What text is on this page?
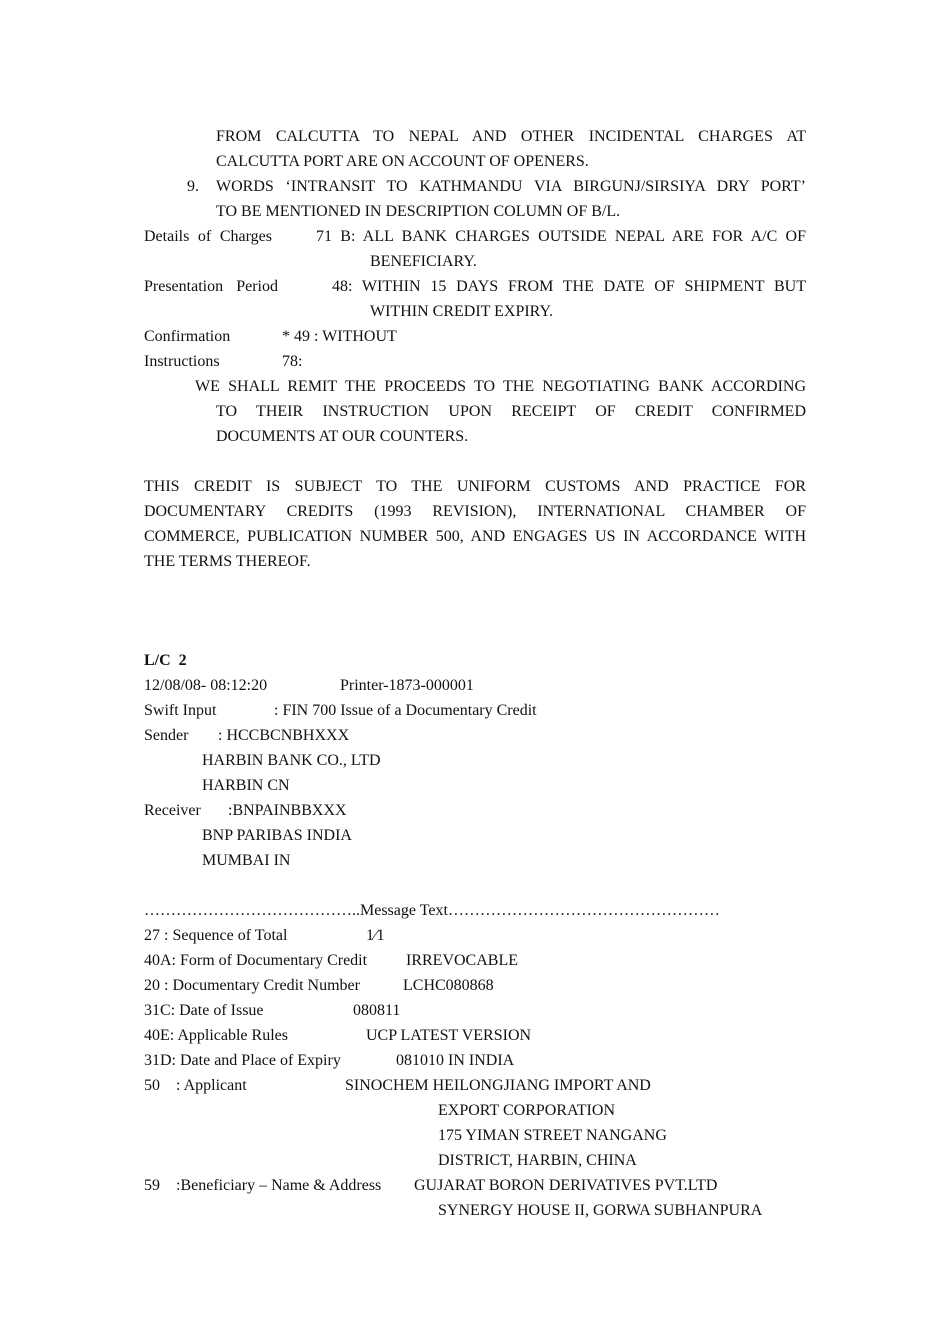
FROM CALCUTTA TO NEPAL AND OTHER INCIDENTAL CHARGES AT
CALCUTTA PORT ARE ON ACCOUNT OF OPENERS.
9. WORDS ‘INTRANSIT TO KATHMANDU VIA BIRGUNJ/SIRSIYA DRY PORT’
TO BE MENTIONED IN DESCRIPTION COLUMN OF B/L.
Details of Charges	71 B: ALL BANK CHARGES OUTSIDE NEPAL ARE FOR A/C OF
BENEFICIARY.
Presentation Period	48: WITHIN 15 DAYS FROM THE DATE OF SHIPMENT BUT
WITHIN CREDIT EXPIRY.
Confirmation	* 49 : WITHOUT
Instructions	78:
WE SHALL REMIT THE PROCEEDS TO THE NEGOTIATING BANK ACCORDING
TO THEIR INSTRUCTION UPON RECEIPT OF CREDIT CONFIRMED
DOCUMENTS AT OUR COUNTERS.
THIS CREDIT IS SUBJECT TO THE UNIFORM CUSTOMS AND PRACTICE FOR
DOCUMENTARY CREDITS (1993 REVISION), INTERNATIONAL CHAMBER OF
COMMERCE, PUBLICATION NUMBER 500, AND ENGAGES US IN ACCORDANCE WITH
THE TERMS THEREOF.
L/C  2
12/08/08- 08:12:20	Printer-1873-000001
Swift Input	: FIN 700 Issue of a Documentary Credit
Sender : HCCBCNBHXXX
HARBIN BANK CO., LTD
HARBIN CN
Receiver :BNPAINBBXXX
BNP PARIBAS INDIA
MUMBAI IN
…………………………………..Message Text……………………………………………
27 : Sequence of Total	1⁄1
40A: Form of Documentary Credit IRREVOCABLE
20 : Documentary Credit Number	LCHC080868
31C: Date of Issue	080811
40E: Applicable Rules	UCP LATEST VERSION
31D: Date and Place of Expiry	081010 IN INDIA
50    : Applicant	SINOCHEM HEILONGJIANG IMPORT AND
EXPORT CORPORATION
175 YIMAN STREET NANGANG
DISTRICT, HARBIN, CHINA
59    :Beneficiary – Name & Address GUJARAT BORON DERIVATIVES PVT.LTD
SYNERGY HOUSE II, GORWA SUBHANPURA
